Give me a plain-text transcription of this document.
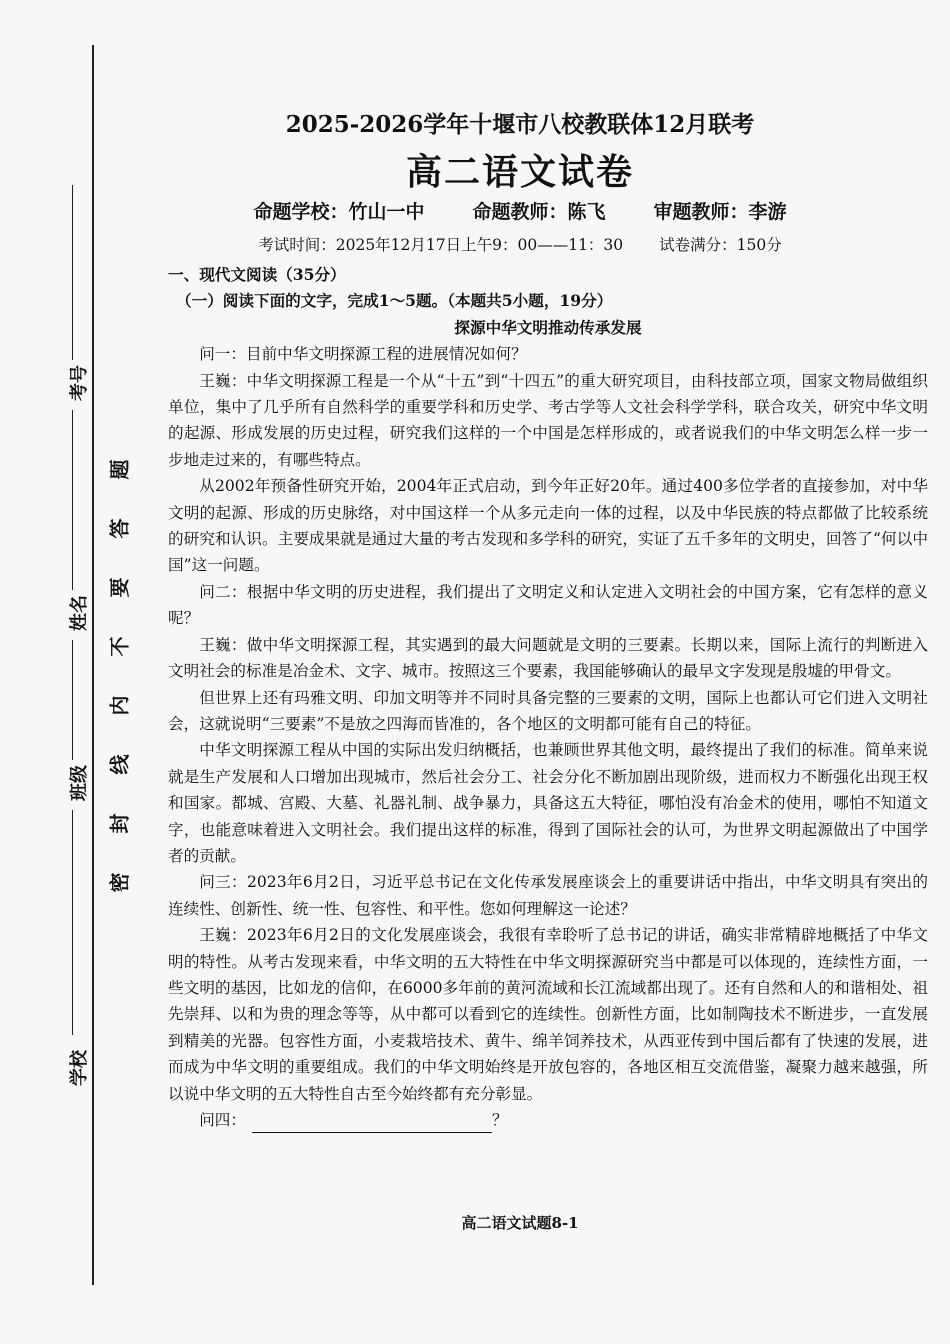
学校
班级
姓名
考号
题
答
要
不
内
线
封
密
2025-2026学年十堰市八校教联体12月联考
高二语文试卷
命题学校：竹山一中	命题教师：陈飞	审题教师：李游
考试时间：2025年12月17日上午9：00——11：30 试卷满分：150分

一、现代文阅读（35分）

（一）阅读下面的文字，完成1～5题。（本题共5小题，19分）

探源中华文明推动传承发展

问一：目前中华文明探源工程的进展情况如何？

王巍：中华文明探源工程是一个从“十五”到“十四五”的重大研究项目，由科技部立项，国家文物局做组织单位，集中了几乎所有自然科学的重要学科和历史学、考古学等人文社会科学学科，联合攻关，研究中华文明的起源、形成发展的历史过程，研究我们这样的一个中国是怎样形成的，或者说我们的中华文明怎么样一步一步地走过来的，有哪些特点。

从2002年预备性研究开始，2004年正式启动，到今年正好20年。通过400多位学者的直接参加，对中华文明的起源、形成的历史脉络，对中国这样一个从多元走向一体的过程，以及中华民族的特点都做了比较系统的研究和认识。主要成果就是通过大量的考古发现和多学科的研究，实证了五千多年的文明史，回答了“何以中国”这一问题。

问二：根据中华文明的历史进程，我们提出了文明定义和认定进入文明社会的中国方案，它有怎样的意义呢？

王巍：做中华文明探源工程，其实遇到的最大问题就是文明的三要素。长期以来，国际上流行的判断进入文明社会的标准是冶金术、文字、城市。按照这三个要素，我国能够确认的最早文字发现是殷墟的甲骨文。

但世界上还有玛雅文明、印加文明等并不同时具备完整的三要素的文明，国际上也都认可它们进入文明社会，这就说明“三要素”不是放之四海而皆准的，各个地区的文明都可能有自己的特征。

中华文明探源工程从中国的实际出发归纳概括，也兼顾世界其他文明，最终提出了我们的标准。简单来说就是生产发展和人口增加出现城市，然后社会分工、社会分化不断加剧出现阶级，进而权力不断强化出现王权和国家。都城、宫殿、大墓、礼器礼制、战争暴力，具备这五大特征，哪怕没有冶金术的使用，哪怕不知道文字，也能意味着进入文明社会。我们提出这样的标准，得到了国际社会的认可，为世界文明起源做出了中国学者的贡献。

问三：2023年6月2日，习近平总书记在文化传承发展座谈会上的重要讲话中指出，中华文明具有突出的连续性、创新性、统一性、包容性、和平性。您如何理解这一论述？

王巍：2023年6月2日的文化发展座谈会，我很有幸聆听了总书记的讲话，确实非常精辟地概括了中华文明的特性。从考古发现来看，中华文明的五大特性在中华文明探源研究当中都是可以体现的，连续性方面，一些文明的基因，比如龙的信仰，在6000多年前的黄河流域和长江流域都出现了。还有自然和人的和谐相处、祖先崇拜、以和为贵的理念等等，从中都可以看到它的连续性。创新性方面，比如制陶技术不断进步，一直发展到精美的光器。包容性方面，小麦栽培技术、黄牛、绵羊饲养技术，从西亚传到中国后都有了快速的发展，进而成为中华文明的重要组成。我们的中华文明始终是开放包容的，各地区相互交流借鉴，凝聚力越来越强，所以说中华文明的五大特性自古至今始终都有充分彰显。

问四：	？

高二语文试题8-1
